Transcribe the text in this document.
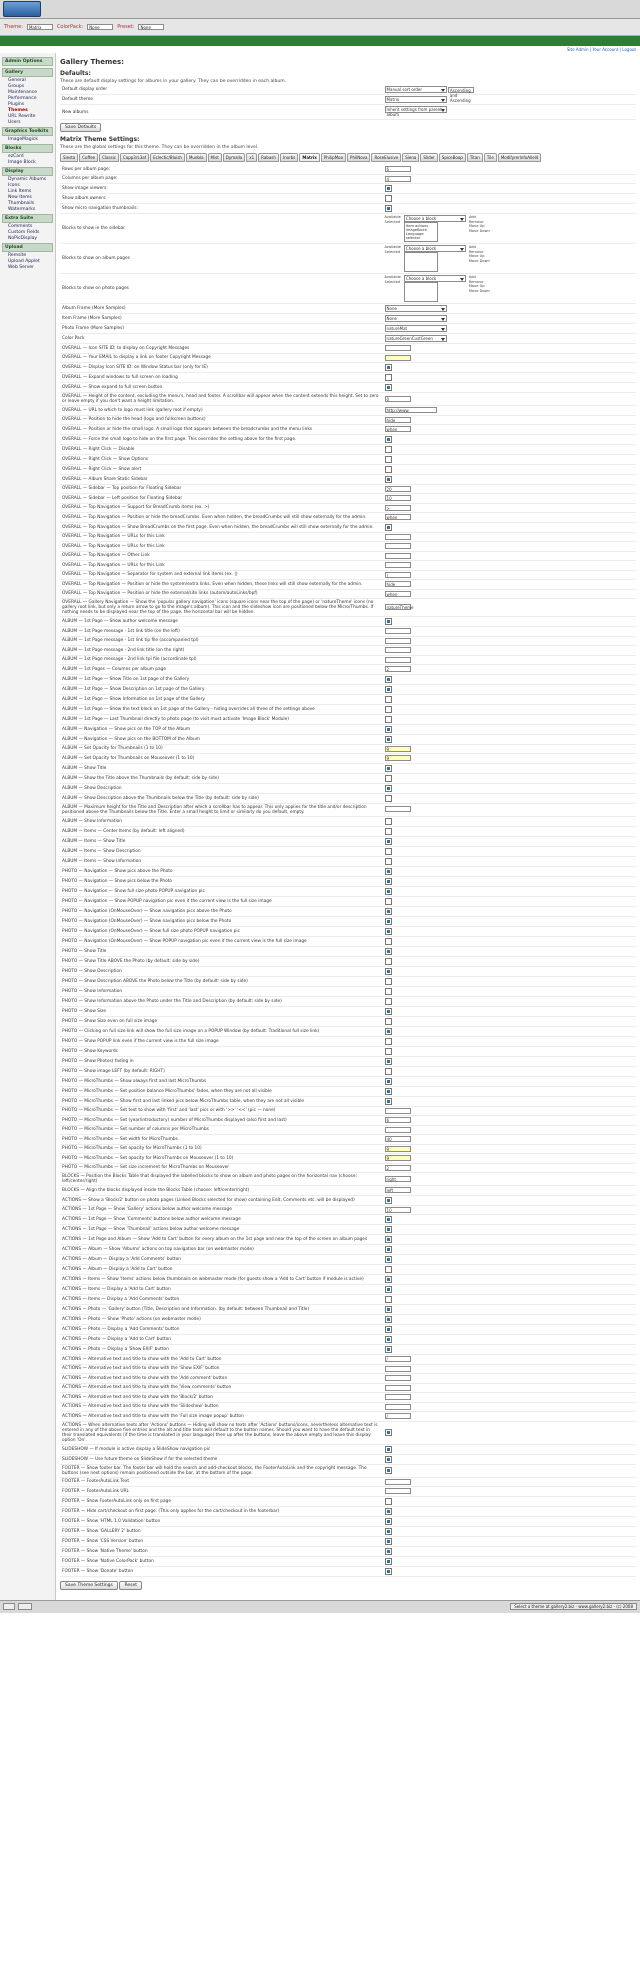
Theme:	Matrix	ColorPack:	None	Preset:	None
Site Admin | Your Account | Logout
Admin Options
Gallery
General
Groups
Maintenance
Performance
Plugins
Themes
URL Rewrite
Users
Graphics Toolkits
ImageMagick
Blocks
ezCard
Image Block
Display
Dynamic Albums
Icons
Link Items
New Items
Thumbnails
Watermarks
Extra Suite
Comments
Custom Fields
NoPicDisplay
Upload
Remsite
Upload Applet
Web Server
Gallery Themes:
Defaults:
These are default display settings for albums in your gallery. They can be overridden in each album.
Default display order	Manual sort order Ascending and Ascending
Default theme	Matrix
New albums	Inherit settings from parent album
Save Defaults
Matrix Theme Settings:
These are the global settings for this theme. They can be overridden in the album level.
Siesta	Coffee	Classic	Copp3rL3af	Eclectic/Bluish	Muebla	Mist	Dymalla	x1	Rabash	Inorbs	Matrix	PhilipMoo	PhilNova	RoseElusive	Siena	Slider	SpiceBoop	Titan	Tile	ModifyrerlnfoAllel4
Rows per album page:	6
Columns per album page:	4
Show image viewers:	
Show album owners:	
Show micro navigation thumbnails:	
Blocks to show in the sidebar	
Available
Selected
Choose a block
Item actions
ImageBlock
Language selector
Add
Remove
Move Up
Move Down

Blocks to show on album pages	
Available
Selected
Choose a block	Add
Remove
Move Up
Move Down

Blocks to show on photo pages	
Available
Selected
Choose a block	Add
Remove
Move Up
Move Down
Album Frame (More Samples)	None
Item Frame (More Samples)	None
Photo Frame (More Samples)	natureMat
Color Pack	natureGreenCustGreen
OVERALL — Icon SITE ID: to display on Copyright Messages	
OVERALL — Your EMAIL to display a link on footer Copyright Message	
OVERALL — Display Icon SITE ID: on Window Status bar (only for IE)	
OVERALL — Expand windows to full screen on loading	
OVERALL — Show expand to full screen button	
OVERALL — Height of the content, excluding the menu's, head and footer. A scrollbar will appear when the content extends this height. Set to zero or leave empty if you don't want a height limitation.	0
OVERALL — URL to which to logo must link (gallery root if empty)	http://www.
OVERALL — Position to hide the head (logo and fullscreen buttons)	hide
OVERALL — Position or hide the small logo. A small logo that appears between the breadcrumbs and the menu links	when
OVERALL — Force the small logo to hide on the first page. This overrides the setting above for the first page.	
OVERALL — Right Click — Disable	
OVERALL — Right Click — Show Options	
OVERALL — Right Click — Show alert	
OVERALL — Album Share Static Sidebar	
OVERALL — Sidebar — Top position for Floating Sidebar	20
OVERALL — Sidebar — Left position for Floating Sidebar	10
OVERALL — Top Navigation — Support for BreadCrumb items (ex. >)	>
OVERALL — Top Navigation — Position or hide the breadCrumbs. Even when hidden, the breadCrumbs will still show externally for the admin.	when
OVERALL — Top Navigation — Show BreadCrumbs on the first page. Even when hidden, the breadCrumbs will still show externally for the admin.	
OVERALL — Top Navigation — URLs for this Link	
OVERALL — Top Navigation — URLs for this Link	
OVERALL — Top Navigation — Other Link	
OVERALL — Top Navigation — URLs for this Link	
OVERALL — Top Navigation — Separator for system and external link items (ex. |)	|
OVERALL — Top Navigation — Position or hide the system/extra links. Even when hidden, these links will still show externally for the admin.	hide
OVERALL — Top Navigation — Position or hide the external/site links (autom/autoLinks/bpf)	when
OVERALL — Gallery Navigation — Show the 'popular gallery navigation' icons (square icons near the top of the page) or 'natureTheme' icons (no gallery root link, but only a return arrow to go to the image's album). This icon and the slideshow icon are positioned below the Micro/Thumbs. If nothing needs to be displayed near the top of the page, the horizontal bar will be hidden.	natureTheme
ALBUM — 1st Page — Show author welcome message	
ALBUM — 1st Page message - 1st link title (on the left)	
ALBUM — 1st Page message - 1st link tip file (accompanied tpl)	
ALBUM — 1st Page message - 2nd link title (on the right)	
ALBUM — 1st Page message - 2nd link tpl file (accordinate tpl)	
ALBUM — 1st Pages — Columns per album page	2
ALBUM — 1st Page — Show Title on 1st page of the Gallery	
ALBUM — 1st Page — Show Description on 1st page of the Gallery	
ALBUM — 1st Page — Show Information on 1st page of the Gallery	
ALBUM — 1st Page — Show the text block on 1st page of the Gallery - hiding overrides all three of the settings above	
ALBUM — 1st Page — Last Thumbnail directly to photo page (to visit must activate 'Image Block' Module)	
ALBUM — Navigation — Show pics on the TOP of the Album	
ALBUM — Navigation — Show pics on the BOTTOM of the Album	
ALBUM — Set Opacity for Thumbnails (1 to 10)	9
ALBUM — Set Opacity for Thumbnails on Mouseover (1 to 10)	9
ALBUM — Show Title	
ALBUM — Show the Title above the Thumbnails (by default: side by side)	
ALBUM — Show Description	
ALBUM — Show Description above the Thumbnails below the Title (by default: side by side)	
ALBUM — Maximum height for the Title and Description after which a scrollbar has to appear. This only applies for the title and/or description positioned above the Thumbnails below the Title. Enter a small height to limit or similarly do you default, empty.	
ALBUM — Show Information	
ALBUM — Items — Center Items (by default: left aligned)	
ALBUM — Items — Show Title	
ALBUM — Items — Show Description	
ALBUM — Items — Show Information	
PHOTO — Navigation — Show pics above the Photo	
PHOTO — Navigation — Show pics below the Photo	
PHOTO — Navigation — Show full size photo POPUP navigation pic	
PHOTO — Navigation — Show POPUP navigation pic even if the current view is the full size image	
PHOTO — Navigation (OnMouseOver) — Show navigation pics above the Photo	
PHOTO — Navigation (OnMouseOver) — Show navigation pics below the Photo	
PHOTO — Navigation (OnMouseOver) — Show full size photo POPUP navigation pic	
PHOTO — Navigation (OnMouseOver) — Show POPUP navigation pic even if the current view is the full size image	
PHOTO — Show Title	
PHOTO — Show Title ABOVE the Photo (by default: side by side)	
PHOTO — Show Description	
PHOTO — Show Description ABOVE the Photo below the Title (by default: side by side)	
PHOTO — Show Information	
PHOTO — Show Information above the Photo under the Title and Description (by default: side by side)	
PHOTO — Show Size	
PHOTO — Show Size even on full size image	
PHOTO — Clicking on full size link will show the full size image on a POPUP Window (by default: Traditional full size link)	
PHOTO — Show POPUP link even if the current view is the full size image	
PHOTO — Show Keywords	
PHOTO — Show Photos( fading in	
PHOTO — Show image LEFT (by default: RIGHT)	
PHOTO — MicroThumbs — Show always first and last MicroThumbs	
PHOTO — MicroThumbs — Set position balance MicroThumbs' fades, when they are not all visible	
PHOTO — MicroThumbs — Show first and last linked pics below MicroThumbs table, when they are not all visible	
PHOTO — MicroThumbs — Set text to show with 'first' and 'last' pics or with '>>' '<<' (pic — none)	
PHOTO — MicroThumbs — Set (year/introductory) number of MicroThumbs displayed (also first and last)	6
PHOTO — MicroThumbs — Set number of columns per MicroThumbs	
PHOTO — MicroThumbs — Set width for MicroThumbs	40
PHOTO — MicroThumbs — Set opacity for MicroThumbs (1 to 10)	9
PHOTO — MicroThumbs — Set opacity for MicroThumbs on Mouseover (1 to 10)	9
PHOTO — MicroThumbs — Set size increment for MicroThumbs on Mouseover	2
BLOCKS — Position the Blocks Table that displayed the labelled blocks to show on album and photo pages on the horizontal nav (choose: left/center/right)	right
BLOCKS — Align the blocks displayed inside the Blocks Table (choose: left/center/right)	left
ACTIONS — Show a 'Block/2' button on photo pages (Linked Blocks selected for show) containing Edit, Comments etc. will be displayed)	
ACTIONS — 1st Page — Show 'Gallery' actions below author welcome message	10
ACTIONS — 1st Page — Show 'Comments' buttons below author welcome message	
ACTIONS — 1st Page — Show 'Thumbnail' actions below author welcome message	
ACTIONS — 1st Page and Album — Show 'Add to Cart' button for every album on the 1st page and near the top of the screen on album pages	
ACTIONS — Album — Show 'Albums' actions on top navigation bar (on webmaster mode)	
ACTIONS — Album — Display a 'Add Comments' button	
ACTIONS — Album — Display a 'Add to Cart' button	
ACTIONS — Items — Show 'Items' actions below thumbnails on webmaster mode (for guests show a 'Add to Cart' button if module is active)	
ACTIONS — Items — Display a 'Add to Cart' button	
ACTIONS — Items — Display a 'Add Comments' button	
ACTIONS — Photo — 'Gallery' button (Title, Description and Information. (by default: between Thumbnail and Title)	
ACTIONS — Photo — Show 'Photo' actions (on webmaster mode)	
ACTIONS — Photo — Display a 'Add Comments' button	
ACTIONS — Photo — Display a 'Add to Cart' button	
ACTIONS — Photo — Display a 'Show EXIF' button	
ACTIONS — Alternative text and title to show with the 'Add to Cart' button	/
ACTIONS — Alternative text and title to show with the 'Show EXIF' button	
ACTIONS — Alternative text and title to show with the 'Add comment' button	
ACTIONS — Alternative text and title to show with the 'View comments' button	
ACTIONS — Alternative text and title to show with the 'Block/2' button	
ACTIONS — Alternative text and title to show with the 'Slideshow' button	
ACTIONS — Alternative text and title to show with the 'Full size image popup' button	/
ACTIONS — When alternative texts after 'Actions' buttons — Hiding will show no texts after 'Actions' buttons/icons, nevertheless alternative text is entered in any of the above five entries and the alt and title texts will default to the button names. Should you want to have the default text in their translated equivalents (if the time is translated in your language) then up after the buttons, leave the above empty and leave this display option 'On'.	
SLIDESHOW — If module is active display a SlideShow navigation pic	
SLIDESHOW — Use future theme on SlideShow if for the selected theme	
FOOTER — Show footer bar. The footer bar will hold the search and add-checkout blocks, the FooterAutoLink and the copyright message. The buttons (see next options) remain positioned outside the bar, at the bottom of the page.	
FOOTER — FooterAutoLink Text	
FOOTER — FooterAutoLink URL	
FOOTER — Show FooterAutoLink only on first page	
FOOTER — Hide cart/checkout on first page. (This only applies for the cart/checkout in the footerbar)	
FOOTER — Show 'HTML 1.0 Validation' button	
FOOTER — Show 'GALLERY 2' button	
FOOTER — Show 'CSS Version' button	
FOOTER — Show 'Native Theme' button	
FOOTER — Show 'Native ColorPack' button	
FOOTER — Show 'Donate' button	
Save Theme Settings	Reset

Select a theme at gallery2.biz - www.gallery2.biz - (c) 2008
